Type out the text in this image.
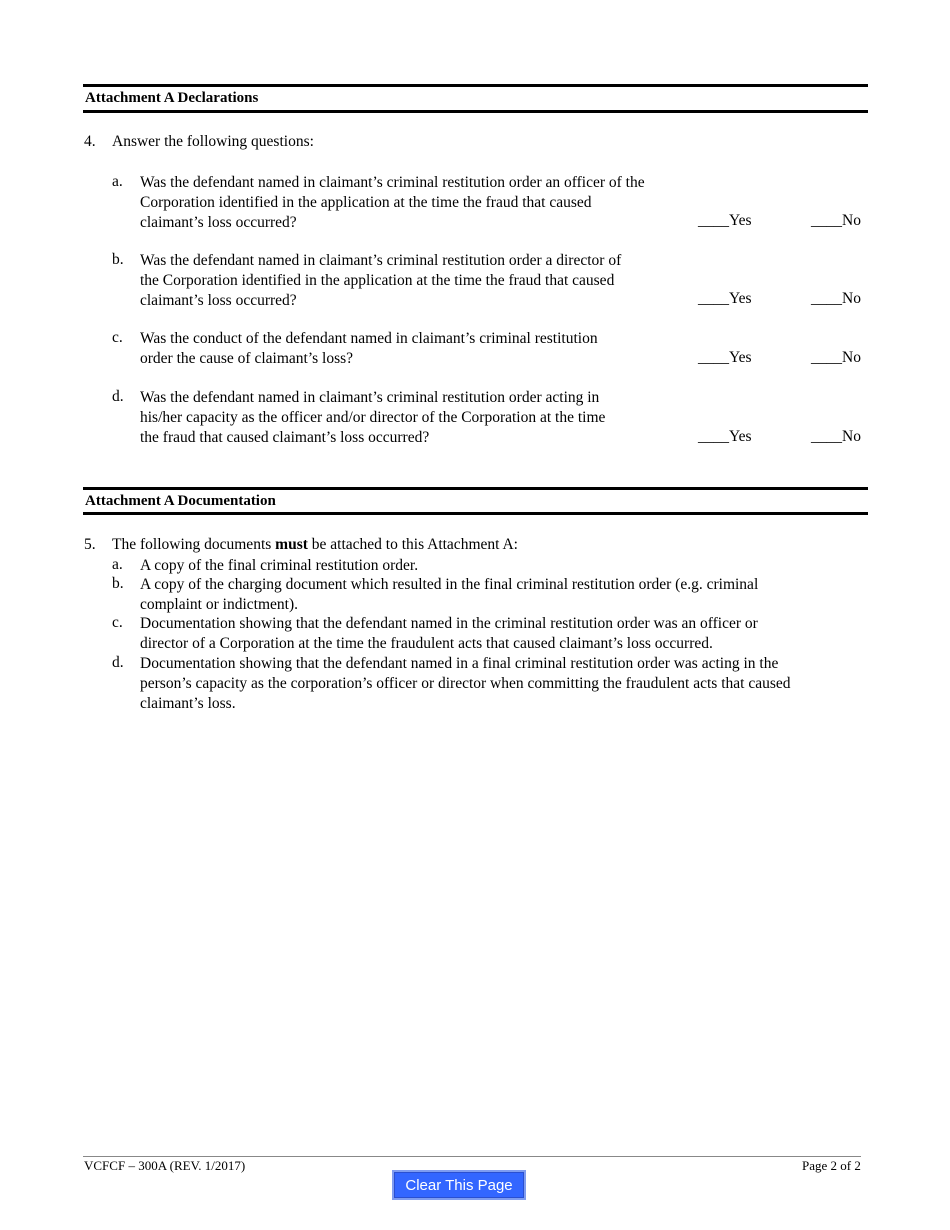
Attachment A Declarations
4. Answer the following questions:
a. Was the defendant named in claimant’s criminal restitution order an officer of the
Corporation identified in the application at the time the fraud that caused
claimant’s loss occurred?	____Yes	____No
b. Was the defendant named in claimant’s criminal restitution order a director of
the Corporation identified in the application at the time the fraud that caused
claimant’s loss occurred?	____Yes	____No
c. Was the conduct of the defendant named in claimant’s criminal restitution
order the cause of claimant’s loss?	____Yes	____No
d. Was the defendant named in claimant’s criminal restitution order acting in
his/her capacity as the officer and/or director of the Corporation at the time
the fraud that caused claimant’s loss occurred?	____Yes	____No
Attachment A Documentation
5. The following documents must be attached to this Attachment A:
a. A copy of the final criminal restitution order.
b. A copy of the charging document which resulted in the final criminal restitution order (e.g. criminal
complaint or indictment).
c. Documentation showing that the defendant named in the criminal restitution order was an officer or
director of a Corporation at the time the fraudulent acts that caused claimant’s loss occurred.
d. Documentation showing that the defendant named in a final criminal restitution order was acting in the
person’s capacity as the corporation’s officer or director when committing the fraudulent acts that caused
claimant’s loss.
VCFCF – 300A (REV. 1/2017)	Page 2 of 2
Clear This Page
